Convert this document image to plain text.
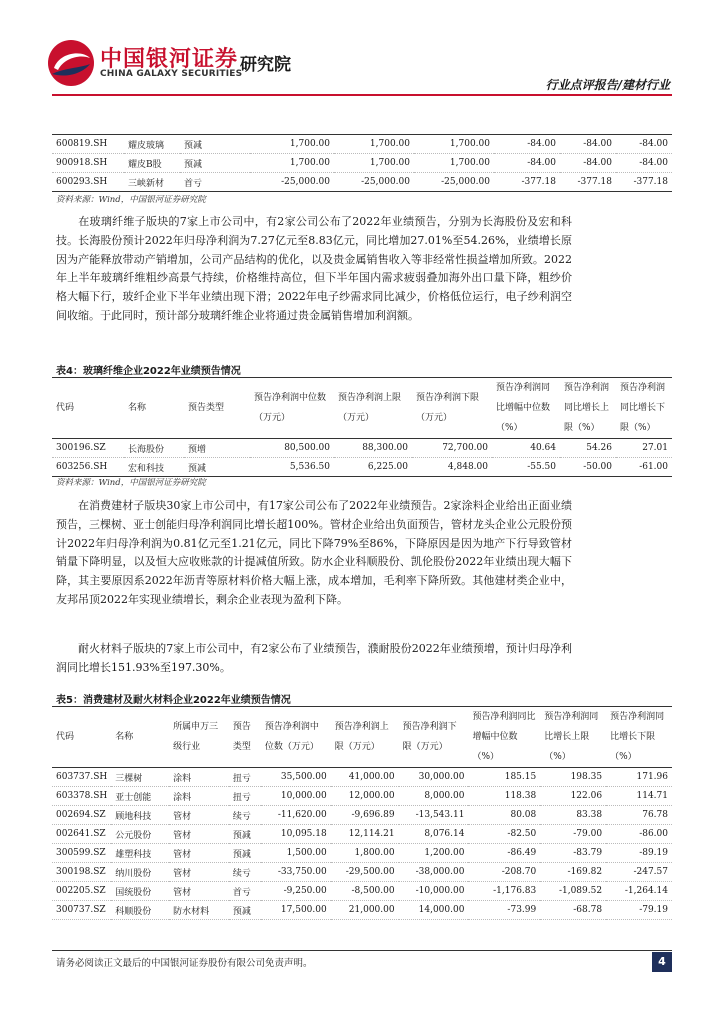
中国银河证券
CHINA GALAXY SECURITIES
研究院
行业点评报告/建材行业
600819.SH	耀皮玻璃	预减	1,700.00	1,700.00	1,700.00	-84.00	-84.00	-84.00
900918.SH	耀皮B股	预减	1,700.00	1,700.00	1,700.00	-84.00	-84.00	-84.00
600293.SH	三峡新材	首亏	-25,000.00	-25,000.00	-25,000.00	-377.18	-377.18	-377.18
资料来源：Wind，中国银河证券研究院
在玻璃纤维子版块的7家上市公司中，有2家公司公布了2022年业绩预告，分别为长海股份及宏和科技。长海股份预计2022年归母净利润为7.27亿元至8.83亿元，同比增加27.01%至54.26%，业绩增长原因为产能释放带动产销增加，公司产品结构的优化，以及贵金属销售收入等非经常性损益增加所致。2022年上半年玻璃纤维粗纱高景气持续，价格维持高位，但下半年国内需求疲弱叠加海外出口量下降，粗纱价格大幅下行，玻纤企业下半年业绩出现下滑；2022年电子纱需求同比减少，价格低位运行，电子纱利润空间收缩。于此同时，预计部分玻璃纤维企业将通过贵金属销售增加利润额。
表4：玻璃纤维企业2022年业绩预告情况
代码	名称	预告类型	预告净利润中位数（万元）	预告净利润上限（万元）	预告净利润下限（万元）	预告净利润同比增幅中位数（%）	预告净利润同比增长上限（%）	预告净利润同比增长下限（%）
300196.SZ	长海股份	预增	80,500.00	88,300.00	72,700.00	40.64	54.26	27.01
603256.SH	宏和科技	预减	5,536.50	6,225.00	4,848.00	-55.50	-50.00	-61.00
资料来源：Wind，中国银河证券研究院
在消费建材子版块30家上市公司中，有17家公司公布了2022年业绩预告。2家涂料企业给出正面业绩预告，三棵树、亚士创能归母净利润同比增长超100%。管材企业给出负面预告，管材龙头企业公元股份预计2022年归母净利润为0.81亿元至1.21亿元，同比下降79%至86%，下降原因是因为地产下行导致管材销量下降明显，以及恒大应收账款的计提减值所致。防水企业科顺股份、凯伦股份2022年业绩出现大幅下降，其主要原因系2022年沥青等原材料价格大幅上涨，成本增加，毛利率下降所致。其他建材类企业中，友邦吊顶2022年实现业绩增长，剩余企业表现为盈利下降。
耐火材料子版块的7家上市公司中，有2家公布了业绩预告，濮耐股份2022年业绩预增，预计归母净利润同比增长151.93%至197.30%。
表5：消费建材及耐火材料企业2022年业绩预告情况
代码	名称	所属申万三级行业	预告类型	预告净利润中位数（万元）	预告净利润上限（万元）	预告净利润下限（万元）	预告净利润同比增幅中位数（%）	预告净利润同比增长上限（%）	预告净利润同比增长下限（%）
603737.SH	三棵树	涂料	扭亏	35,500.00	41,000.00	30,000.00	185.15	198.35	171.96
603378.SH	亚士创能	涂料	扭亏	10,000.00	12,000.00	8,000.00	118.38	122.06	114.71
002694.SZ	顾地科技	管材	续亏	-11,620.00	-9,696.89	-13,543.11	80.08	83.38	76.78
002641.SZ	公元股份	管材	预减	10,095.18	12,114.21	8,076.14	-82.50	-79.00	-86.00
300599.SZ	雄塑科技	管材	预减	1,500.00	1,800.00	1,200.00	-86.49	-83.79	-89.19
300198.SZ	纳川股份	管材	续亏	-33,750.00	-29,500.00	-38,000.00	-208.70	-169.82	-247.57
002205.SZ	国统股份	管材	首亏	-9,250.00	-8,500.00	-10,000.00	-1,176.83	-1,089.52	-1,264.14
300737.SZ	科顺股份	防水材料	预减	17,500.00	21,000.00	14,000.00	-73.99	-68.78	-79.19
请务必阅读正文最后的中国银河证券股份有限公司免责声明。	4
